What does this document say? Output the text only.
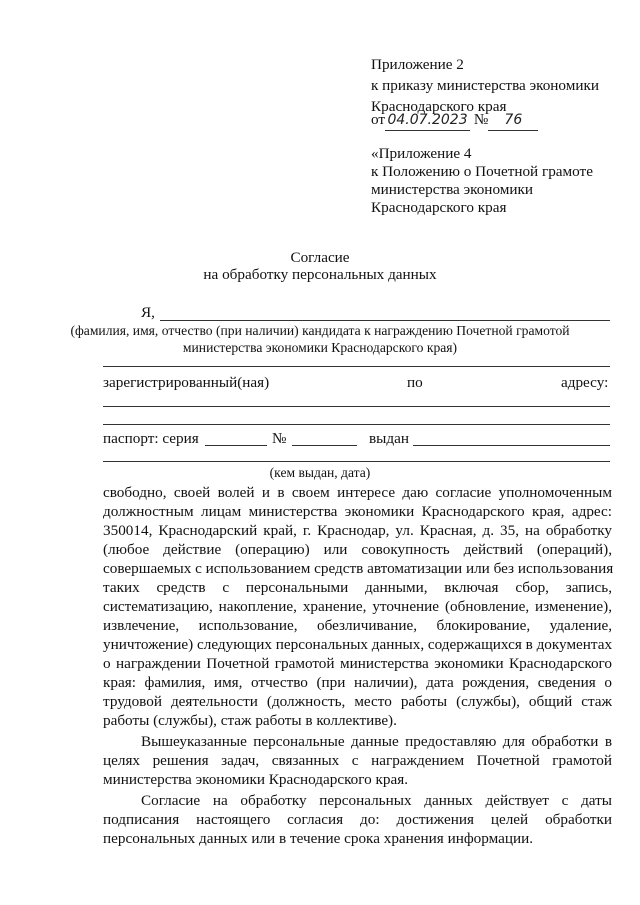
Приложение 2
к приказу министерства экономики
Краснодарского края
от 04.07.2023 № 76
«Приложение 4
к Положению о Почетной грамоте
министерства экономики
Краснодарского края
Согласие
на обработку персональных данных
Я,
(фамилия, имя, отчество (при наличии) кандидата к награждению Почетной грамотой
министерства экономики Краснодарского края)
зарегистрированный(ная)	по	адресу:
паспорт: серия	№	выдан
(кем выдан, дата)
свободно, своей волей и в своем интересе даю согласие уполномоченным
должностным лицам министерства экономики Краснодарского края, адрес:
350014, Краснодарский край, г. Краснодар, ул. Красная, д. 35, на обработку
(любое действие (операцию) или совокупность действий (операций),
совершаемых с использованием средств автоматизации или без использования
таких средств с персональными данными, включая сбор, запись,
систематизацию, накопление, хранение, уточнение (обновление, изменение),
извлечение, использование, обезличивание, блокирование, удаление,
уничтожение) следующих персональных данных, содержащихся в документах
о награждении Почетной грамотой министерства экономики Краснодарского
края: фамилия, имя, отчество (при наличии), дата рождения, сведения о
трудовой деятельности (должность, место работы (службы), общий стаж
работы (службы), стаж работы в коллективе).
Вышеуказанные персональные данные предоставляю для обработки в
целях решения задач, связанных с награждением Почетной грамотой
министерства экономики Краснодарского края.
Согласие на обработку персональных данных действует с даты
подписания настоящего согласия до: достижения целей обработки
персональных данных или в течение срока хранения информации.
